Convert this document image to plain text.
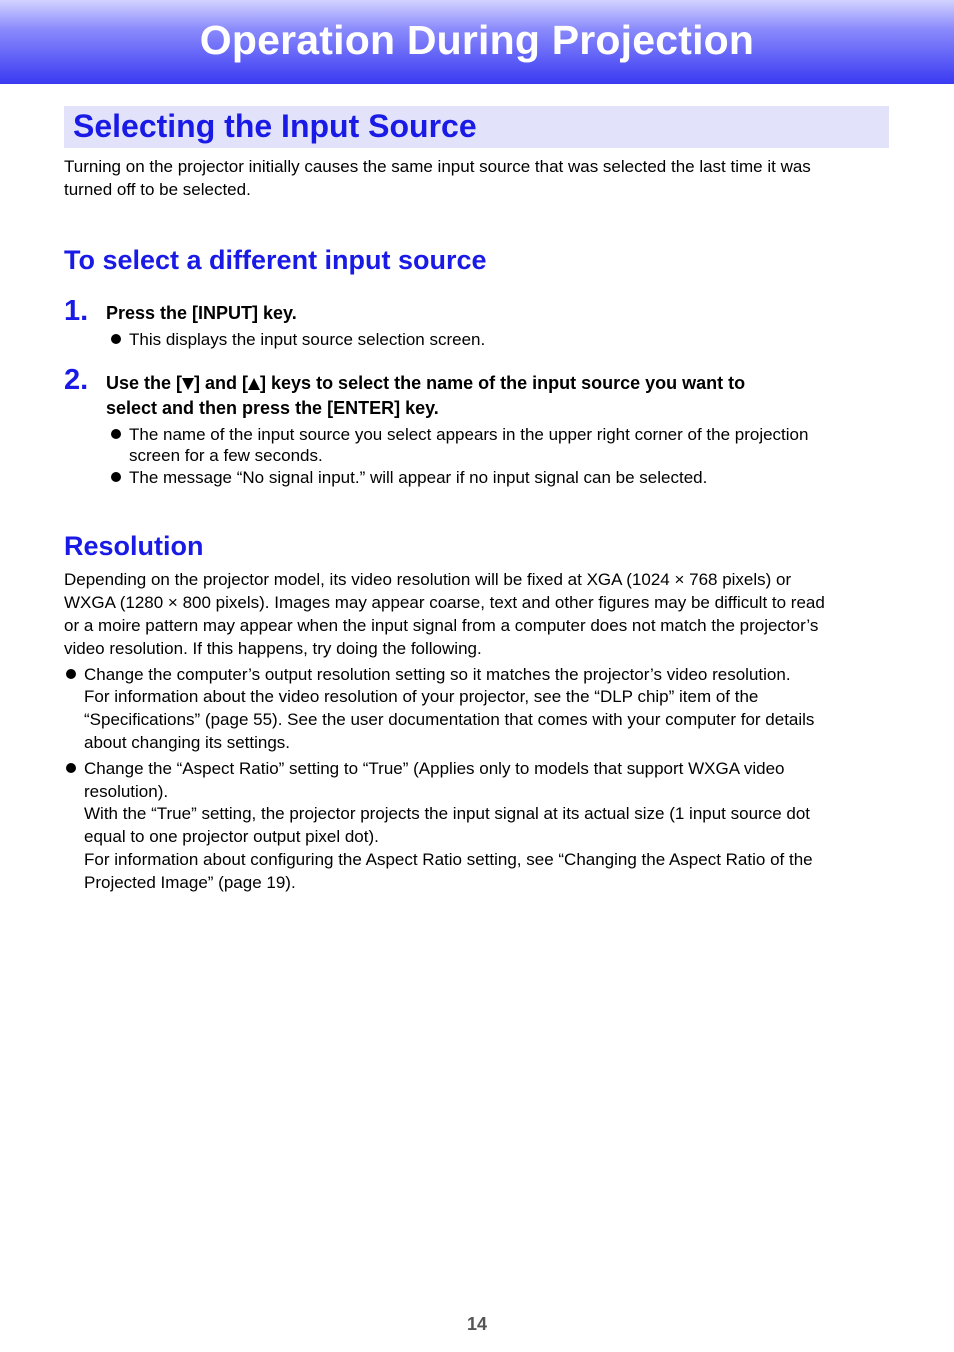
Operation During Projection
Selecting the Input Source

Turning on the projector initially causes the same input source that was selected the last time it was

turned off to be selected.

To select a different input source
1. Press the [INPUT] key.

This displays the input source selection screen.

2. Use the [ ] and [ ] keys to select the name of the input source you want to

select and then press the [ENTER] key.

The name of the input source you select appears in the upper right corner of the projection

screen for a few seconds.

The message “No signal input.” will appear if no input signal can be selected.

Resolution

Depending on the projector model, its video resolution will be fixed at XGA (1024 × 768 pixels) or

WXGA (1280 × 800 pixels). Images may appear coarse, text and other figures may be difficult to read

or a moire pattern may appear when the input signal from a computer does not match the projector’s

video resolution. If this happens, try doing the following.

Change the computer’s output resolution setting so it matches the projector’s video resolution.

For information about the video resolution of your projector, see the “DLP chip” item of the

“Specifications” (page 55). See the user documentation that comes with your computer for details

about changing its settings.

Change the “Aspect Ratio” setting to “True” (Applies only to models that support WXGA video

resolution).

With the “True” setting, the projector projects the input signal at its actual size (1 input source dot

equal to one projector output pixel dot).

For information about configuring the Aspect Ratio setting, see “Changing the Aspect Ratio of the

Projected Image” (page 19).

14
